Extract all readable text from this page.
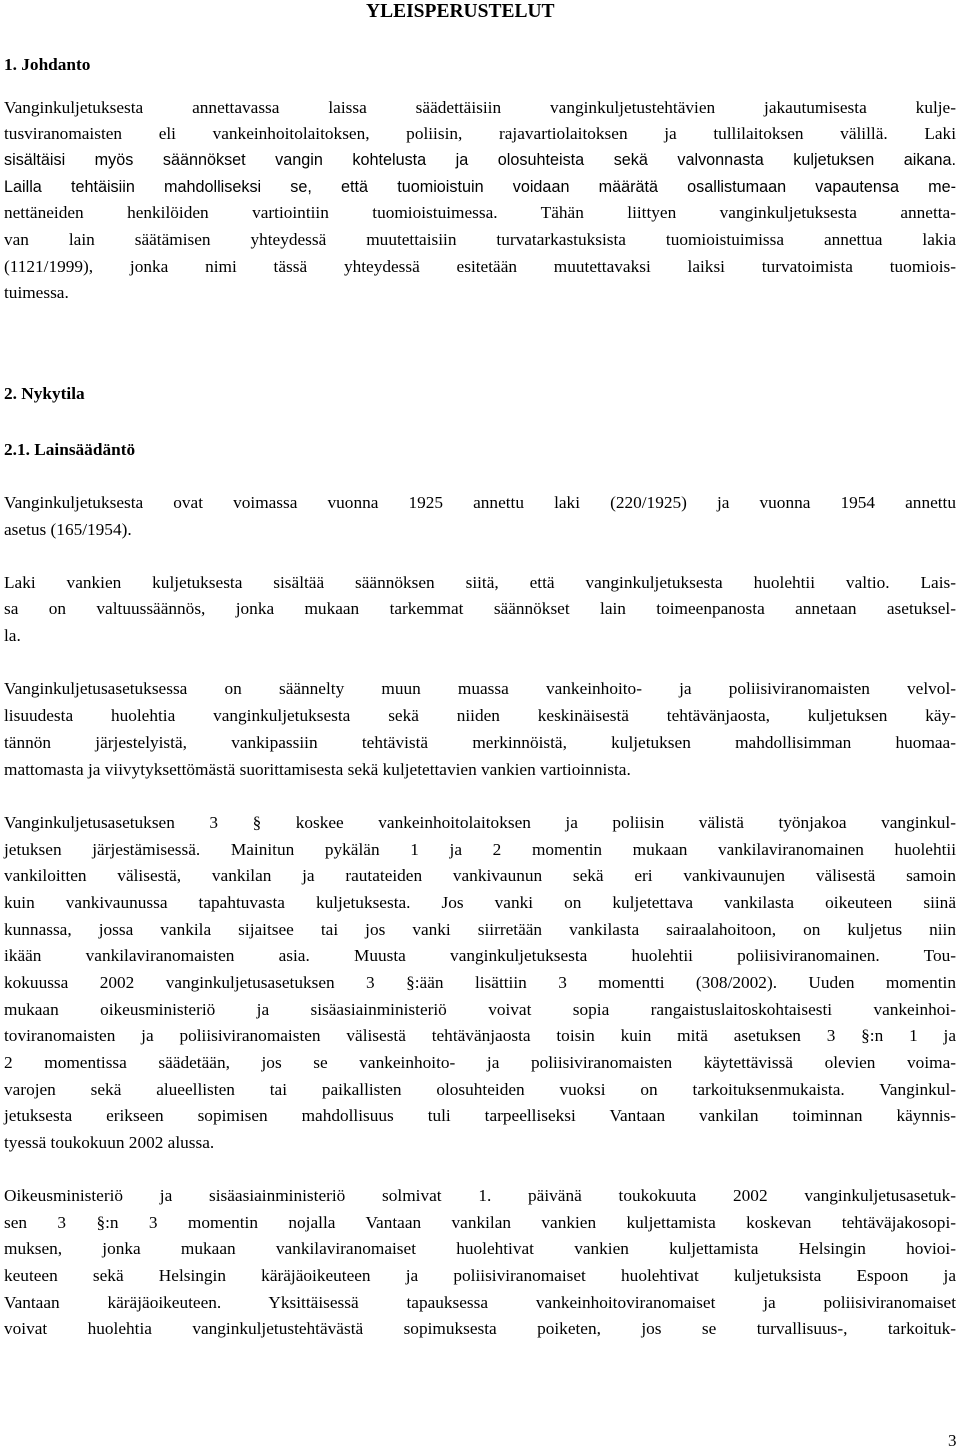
YLEISPERUSTELUT
1. Johdanto
Vanginkuljetuksesta annettavassa laissa säädettäisiin vanginkuljetustehtävien jakautumisesta kulje-
tusviranomaisten eli vankeinhoitolaitoksen, poliisin, rajavartiolaitoksen ja tullilaitoksen välillä. Laki
sisältäisi myös säännökset vangin kohtelusta ja olosuhteista sekä valvonnasta kuljetuksen aikana.
Lailla tehtäisiin mahdolliseksi se, että tuomioistuin voidaan määrätä osallistumaan vapautensa me-
nettäneiden henkilöiden vartiointiin tuomioistuimessa. Tähän liittyen vanginkuljetuksesta annetta-
van lain säätämisen yhteydessä muutettaisiin turvatarkastuksista tuomioistuimissa annettua lakia
(1121/1999), jonka nimi tässä yhteydessä esitetään muutettavaksi laiksi turvatoimista tuomiois-
tuimessa.
2. Nykytila
2.1. Lainsäädäntö
Vanginkuljetuksesta ovat voimassa vuonna 1925 annettu laki (220/1925) ja vuonna 1954 annettu
asetus (165/1954).
Laki vankien kuljetuksesta sisältää säännöksen siitä, että vanginkuljetuksesta huolehtii valtio. Lais-
sa on valtuussäännös, jonka mukaan tarkemmat säännökset lain toimeenpanosta annetaan asetuksel-
la.
Vanginkuljetusasetuksessa on säännelty muun muassa vankeinhoito- ja poliisiviranomaisten velvol-
lisuudesta huolehtia vanginkuljetuksesta sekä niiden keskinäisestä tehtävänjaosta, kuljetuksen käy-
tännön järjestelyistä, vankipassiin tehtävistä merkinnöistä, kuljetuksen mahdollisimman huomaa-
mattomasta ja viivytyksettömästä suorittamisesta sekä kuljetettavien vankien vartioinnista.
Vanginkuljetusasetuksen 3 § koskee vankeinhoitolaitoksen ja poliisin välistä työnjakoa vanginkul-
jetuksen järjestämisessä. Mainitun pykälän 1 ja 2 momentin mukaan vankilaviranomainen huolehtii
vankiloitten välisestä, vankilan ja rautateiden vankivaunun sekä eri vankivaunujen välisestä samoin
kuin vankivaunussa tapahtuvasta kuljetuksesta. Jos vanki on kuljetettava vankilasta oikeuteen siinä
kunnassa, jossa vankila sijaitsee tai jos vanki siirretään vankilasta sairaalahoitoon, on kuljetus niin
ikään vankilaviranomaisten asia. Muusta vanginkuljetuksesta huolehtii poliisiviranomainen. Tou-
kokuussa 2002 vanginkuljetusasetuksen 3 §:ään lisättiin 3 momentti (308/2002). Uuden momentin
mukaan oikeusministeriö ja sisäasiainministeriö voivat sopia rangaistuslaitoskohtaisesti vankeinhoi-
toviranomaisten ja poliisiviranomaisten välisestä tehtävänjaosta toisin kuin mitä asetuksen 3 §:n 1 ja
2 momentissa säädetään, jos se vankeinhoito- ja poliisiviranomaisten käytettävissä olevien voima-
varojen sekä alueellisten tai paikallisten olosuhteiden vuoksi on tarkoituksenmukaista. Vanginkul-
jetuksesta erikseen sopimisen mahdollisuus tuli tarpeelliseksi Vantaan vankilan toiminnan käynnis-
tyessä toukokuun 2002 alussa.
Oikeusministeriö ja sisäasiainministeriö solmivat 1. päivänä toukokuuta 2002 vanginkuljetusasetuk-
sen 3 §:n 3 momentin nojalla Vantaan vankilan vankien kuljettamista koskevan tehtäväjakosopi-
muksen, jonka mukaan vankilaviranomaiset huolehtivat vankien kuljettamista Helsingin hovioi-
keuteen sekä Helsingin käräjäoikeuteen ja poliisiviranomaiset huolehtivat kuljetuksista Espoon ja
Vantaan käräjäoikeuteen. Yksittäisessä tapauksessa vankeinhoitoviranomaiset ja poliisiviranomaiset
voivat huolehtia vanginkuljetustehtävästä sopimuksesta poiketen, jos se turvallisuus-, tarkoituk-
3
